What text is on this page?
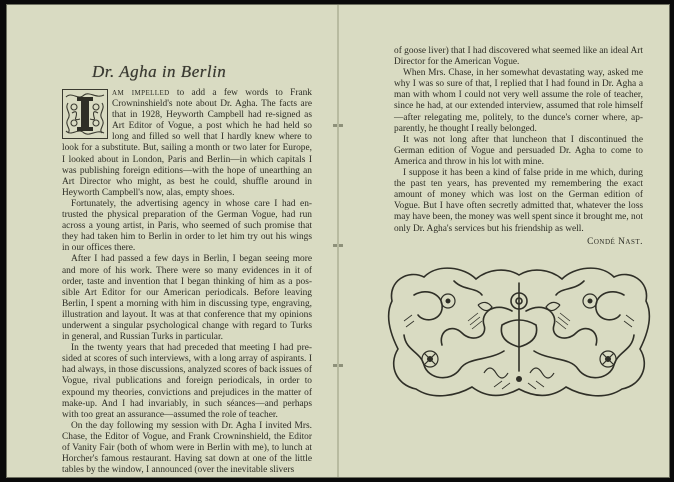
Dr. Agha in Berlin
I

am impelled to add a few words to Frank Crowninshield's note about Dr. Agha. The facts are that in 1928, Heyworth Campbell had re-signed as Art Editor of Vogue, a post which he had held so long and filled so well that I hardly knew where to look for a substitute. But, sailing a month or two later for Europe, I looked about in London, Paris and Berlin—in which capitals I was publishing foreign editions—with the hope of unearthing an Art Director who might, as best he could, shuffle around in Heyworth Campbell's now, alas, empty shoes.

Fortunately, the advertising agency in whose care I had en-trusted the physical preparation of the German Vogue, had run across a young artist, in Paris, who seemed of such promise that they had taken him to Berlin in order to let him try out his wings in our offices there.

After I had passed a few days in Berlin, I began seeing more and more of his work. There were so many evidences in it of order, taste and invention that I began thinking of him as a pos-sible Art Editor for our American periodicals. Before leaving Berlin, I spent a morning with him in discussing type, engraving, illustration and layout. It was at that conference that my opinions underwent a singular psychological change with regard to Turks in general, and Russian Turks in particular.

In the twenty years that had preceded that meeting I had pre-sided at scores of such interviews, with a long array of aspirants. I had always, in those discussions, analyzed scores of back issues of Vogue, rival publications and foreign periodicals, in order to expound my theories, convictions and prejudices in the matter of make-up. And I had invariably, in such séances—and perhaps with too great an assurance—assumed the role of teacher.

On the day following my session with Dr. Agha I invited Mrs. Chase, the Editor of Vogue, and Frank Crowninshield, the Editor of Vanity Fair (both of whom were in Berlin with me), to lunch at Horcher's famous restaurant. Having sat down at one of the little tables by the window, I announced (over the inevitable slivers

of goose liver) that I had discovered what seemed like an ideal Art Director for the American Vogue.

When Mrs. Chase, in her somewhat devastating way, asked me why I was so sure of that, I replied that I had found in Dr. Agha a man with whom I could not very well assume the role of teacher, since he had, at our extended interview, assumed that role himself—after relegating me, politely, to the dunce's corner where, ap-parently, he thought I really belonged.

It was not long after that luncheon that I discontinued the German edition of Vogue and persuaded Dr. Agha to come to America and throw in his lot with mine.

I suppose it has been a kind of false pride in me which, during the past ten years, has prevented my remembering the exact amount of money which was lost on the German edition of Vogue. But I have often secretly admitted that, whatever the loss may have been, the money was well spent since it brought me, not only Dr. Agha's services but his friendship as well.

Condé Nast.
